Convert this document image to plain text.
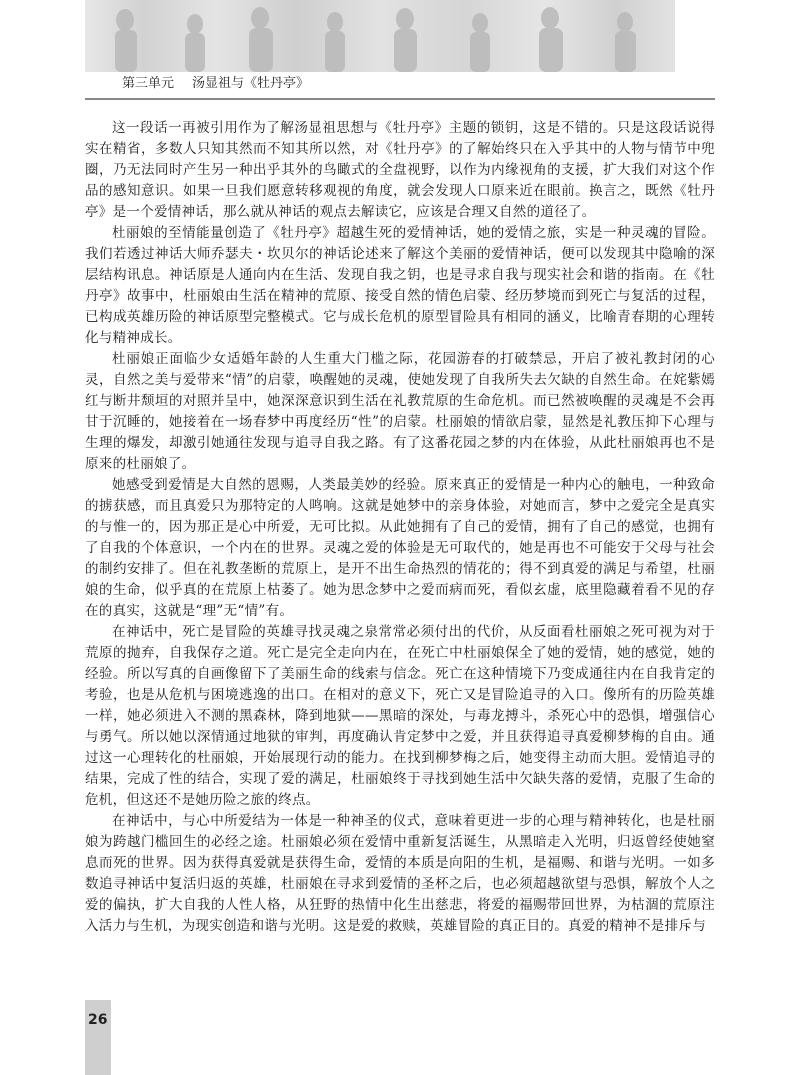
第三单元 汤显祖与《牡丹亭》

这一段话一再被引用作为了解汤显祖思想与《牡丹亭》主题的锁钥，这是不错的。只是这段话说得实在精省，多数人只知其然而不知其所以然，对《牡丹亭》的了解始终只在入乎其中的人物与情节中兜圈，乃无法同时产生另一种出乎其外的鸟瞰式的全盘视野，以作为内缘视角的支援，扩大我们对这个作品的感知意识。如果一旦我们愿意转移观视的角度，就会发现人口原来近在眼前。换言之，既然《牡丹亭》是一个爱情神话，那么就从神话的观点去解读它，应该是合理又自然的道径了。

杜丽娘的至情能量创造了《牡丹亭》超越生死的爱情神话，她的爱情之旅，实是一种灵魂的冒险。我们若透过神话大师乔瑟夫・坎贝尔的神话论述来了解这个美丽的爱情神话，便可以发现其中隐喻的深层结构讯息。神话原是人通向内在生活、发现自我之钥，也是寻求自我与现实社会和谐的指南。在《牡丹亭》故事中，杜丽娘由生活在精神的荒原、接受自然的情色启蒙、经历梦境而到死亡与复活的过程，已构成英雄历险的神话原型完整模式。它与成长危机的原型冒险具有相同的涵义，比喻青春期的心理转化与精神成长。

杜丽娘正面临少女适婚年龄的人生重大门槛之际，花园游春的打破禁忌，开启了被礼教封闭的心灵，自然之美与爱带来“情”的启蒙，唤醒她的灵魂，使她发现了自我所失去欠缺的自然生命。在姹紫嫣红与断井颓垣的对照并呈中，她深深意识到生活在礼教荒原的生命危机。而已然被唤醒的灵魂是不会再甘于沉睡的，她接着在一场春梦中再度经历“性”的启蒙。杜丽娘的情欲启蒙，显然是礼教压抑下心理与生理的爆发，却激引她通往发现与追寻自我之路。有了这番花园之梦的内在体验，从此杜丽娘再也不是原来的杜丽娘了。

她感受到爱情是大自然的恩赐，人类最美妙的经验。原来真正的爱情是一种内心的触电，一种致命的掳获感，而且真爱只为那特定的人鸣响。这就是她梦中的亲身体验，对她而言，梦中之爱完全是真实的与惟一的，因为那正是心中所爱，无可比拟。从此她拥有了自己的爱情，拥有了自己的感觉，也拥有了自我的个体意识，一个内在的世界。灵魂之爱的体验是无可取代的，她是再也不可能安于父母与社会的制约安排了。但在礼教垄断的荒原上，是开不出生命热烈的情花的；得不到真爱的满足与希望，杜丽娘的生命，似乎真的在荒原上枯萎了。她为思念梦中之爱而病而死，看似玄虚，底里隐藏着看不见的存在的真实，这就是“理”无“情”有。

在神话中，死亡是冒险的英雄寻找灵魂之泉常常必须付出的代价，从反面看杜丽娘之死可视为对于荒原的抛弃，自我保存之道。死亡是完全走向内在，在死亡中杜丽娘保全了她的爱情，她的感觉，她的经验。所以写真的自画像留下了美丽生命的线索与信念。死亡在这种情境下乃变成通往内在自我肯定的考验，也是从危机与困境逃逸的出口。在相对的意义下，死亡又是冒险追寻的入口。像所有的历险英雄一样，她必须进入不测的黑森林，降到地狱——黑暗的深处，与毒龙搏斗，杀死心中的恐惧，增强信心与勇气。所以她以深情通过地狱的审判，再度确认肯定梦中之爱，并且获得追寻真爱柳梦梅的自由。通过这一心理转化的杜丽娘，开始展现行动的能力。在找到柳梦梅之后，她变得主动而大胆。爱情追寻的结果，完成了性的结合，实现了爱的满足，杜丽娘终于寻找到她生活中欠缺失落的爱情，克服了生命的危机，但这还不是她历险之旅的终点。

在神话中，与心中所爱结为一体是一种神圣的仪式，意味着更进一步的心理与精神转化，也是杜丽娘为跨越门槛回生的必经之途。杜丽娘必须在爱情中重新复活诞生，从黑暗走入光明，归返曾经使她窒息而死的世界。因为获得真爱就是获得生命，爱情的本质是向阳的生机，是福赐、和谐与光明。一如多数追寻神话中复活归返的英雄，杜丽娘在寻求到爱情的圣杯之后，也必须超越欲望与恐惧，解放个人之爱的偏执，扩大自我的人性人格，从狂野的热情中化生出慈悲，将爱的福赐带回世界，为枯涸的荒原注入活力与生机，为现实创造和谐与光明。这是爱的救赎，英雄冒险的真正目的。真爱的精神不是排斥与

26
